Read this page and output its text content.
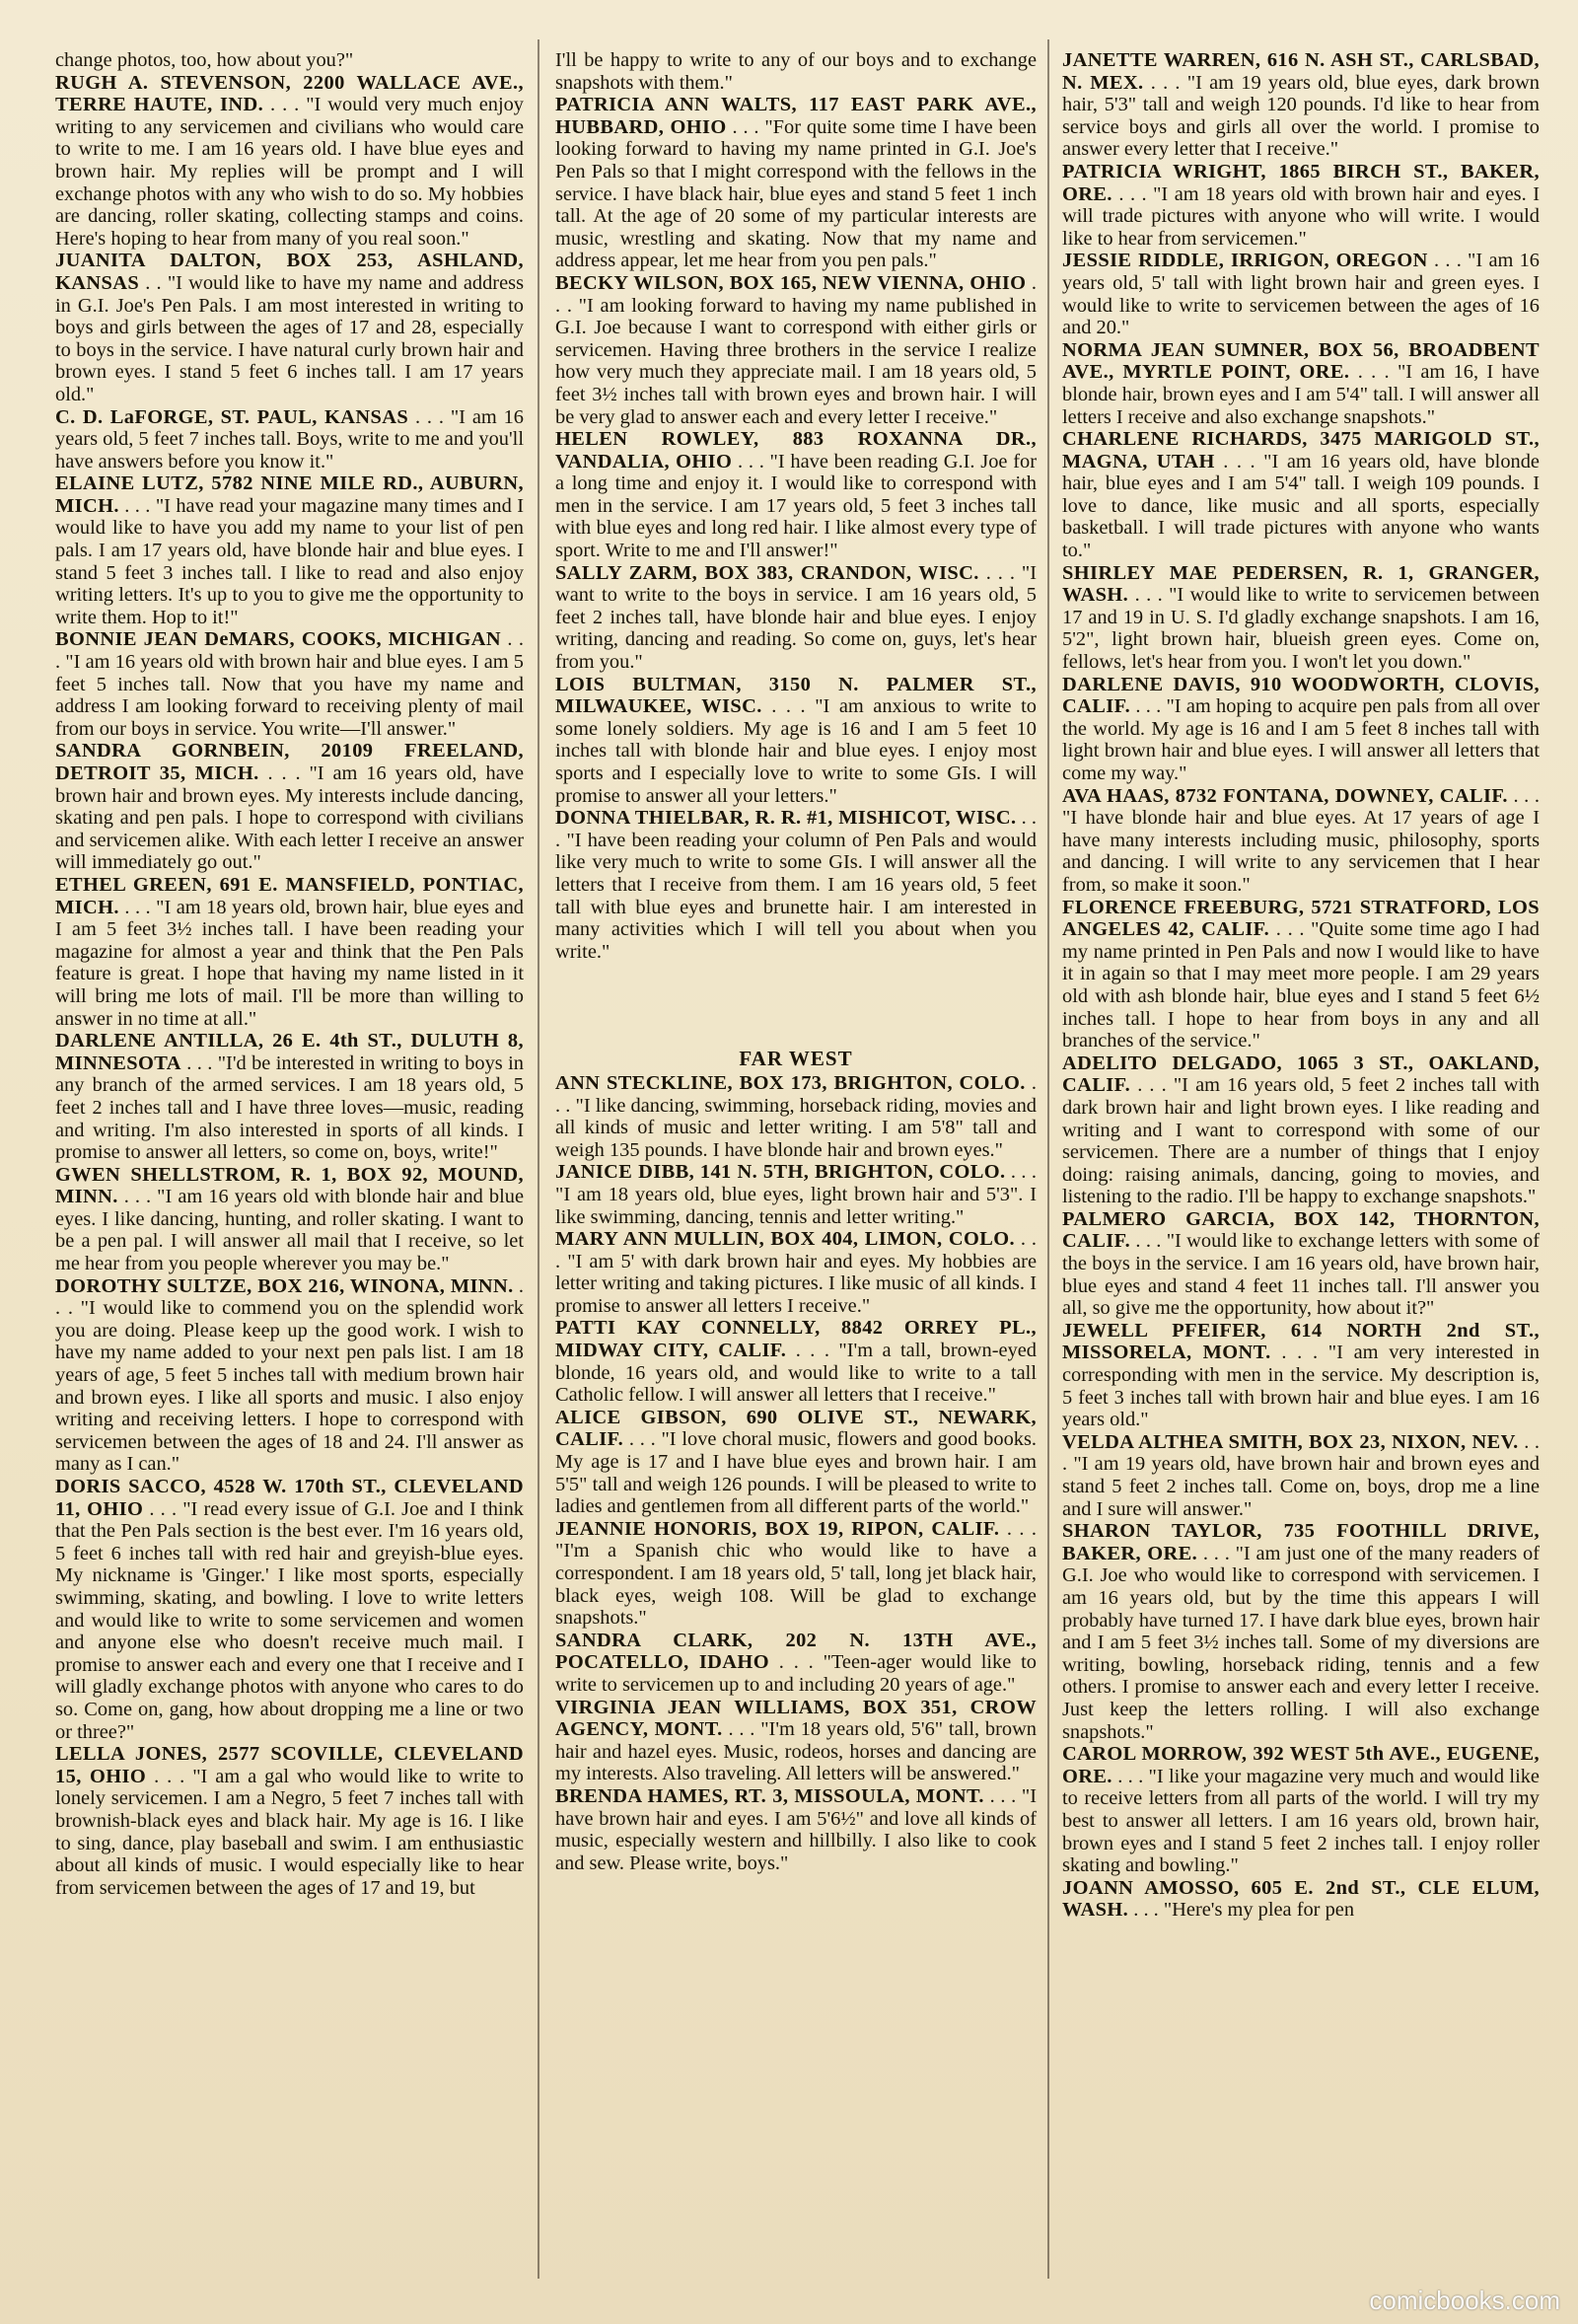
change photos, too, how about you?"

RUGH A. STEVENSON, 2200 WALLACE AVE., TERRE HAUTE, IND. . . . "I would very much enjoy writing to any servicemen and civilians who would care to write to me. I am 16 years old. I have blue eyes and brown hair. My replies will be prompt and I will exchange photos with any who wish to do so. My hobbies are dancing, roller skating, collecting stamps and coins. Here's hoping to hear from many of you real soon."

JUANITA DALTON, BOX 253, ASHLAND, KANSAS . . "I would like to have my name and address in G.I. Joe's Pen Pals. I am most interested in writing to boys and girls between the ages of 17 and 28, especially to boys in the service. I have natural curly brown hair and brown eyes. I stand 5 feet 6 inches tall. I am 17 years old."

C. D. LaFORGE, ST. PAUL, KANSAS . . . "I am 16 years old, 5 feet 7 inches tall. Boys, write to me and you'll have answers before you know it."

ELAINE LUTZ, 5782 NINE MILE RD., AUBURN, MICH. . . . "I have read your magazine many times and I would like to have you add my name to your list of pen pals. I am 17 years old, have blonde hair and blue eyes. I stand 5 feet 3 inches tall. I like to read and also enjoy writing letters. It's up to you to give me the opportunity to write them. Hop to it!"

BONNIE JEAN DeMARS, COOKS, MICHIGAN . . . "I am 16 years old with brown hair and blue eyes. I am 5 feet 5 inches tall. Now that you have my name and address I am looking forward to receiving plenty of mail from our boys in service. You write—I'll answer."

SANDRA GORNBEIN, 20109 FREELAND, DETROIT 35, MICH. . . . "I am 16 years old, have brown hair and brown eyes. My interests include dancing, skating and pen pals. I hope to correspond with civilians and servicemen alike. With each letter I receive an answer will immediately go out."

ETHEL GREEN, 691 E. MANSFIELD, PONTIAC, MICH. . . . "I am 18 years old, brown hair, blue eyes and I am 5 feet 3½ inches tall. I have been reading your magazine for almost a year and think that the Pen Pals feature is great. I hope that having my name listed in it will bring me lots of mail. I'll be more than willing to answer in no time at all."

DARLENE ANTILLA, 26 E. 4th ST., DULUTH 8, MINNESOTA . . . "I'd be interested in writing to boys in any branch of the armed services. I am 18 years old, 5 feet 2 inches tall and I have three loves—music, reading and writing. I'm also interested in sports of all kinds. I promise to answer all letters, so come on, boys, write!"

GWEN SHELLSTROM, R. 1, BOX 92, MOUND, MINN. . . . "I am 16 years old with blonde hair and blue eyes. I like dancing, hunting, and roller skating. I want to be a pen pal. I will answer all mail that I receive, so let me hear from you people wherever you may be."

DOROTHY SULTZE, BOX 216, WINONA, MINN. . . . "I would like to commend you on the splendid work you are doing. Please keep up the good work. I wish to have my name added to your next pen pals list. I am 18 years of age, 5 feet 5 inches tall with medium brown hair and brown eyes. I like all sports and music. I also enjoy writing and receiving letters. I hope to correspond with servicemen between the ages of 18 and 24. I'll answer as many as I can."

DORIS SACCO, 4528 W. 170th ST., CLEVELAND 11, OHIO . . . "I read every issue of G.I. Joe and I think that the Pen Pals section is the best ever. I'm 16 years old, 5 feet 6 inches tall with red hair and greyish-blue eyes. My nickname is 'Ginger.' I like most sports, especially swimming, skating, and bowling. I love to write letters and would like to write to some servicemen and women and anyone else who doesn't receive much mail. I promise to answer each and every one that I receive and I will gladly exchange photos with anyone who cares to do so. Come on, gang, how about dropping me a line or two or three?"

LELLA JONES, 2577 SCOVILLE, CLEVELAND 15, OHIO . . . "I am a gal who would like to write to lonely servicemen. I am a Negro, 5 feet 7 inches tall with brownish-black eyes and black hair. My age is 16. I like to sing, dance, play baseball and swim. I am enthusiastic about all kinds of music. I would especially like to hear from servicemen between the ages of 17 and 19, but

I'll be happy to write to any of our boys and to exchange snapshots with them."

PATRICIA ANN WALTS, 117 EAST PARK AVE., HUBBARD, OHIO . . . "For quite some time I have been looking forward to having my name printed in G.I. Joe's Pen Pals so that I might correspond with the fellows in the service. I have black hair, blue eyes and stand 5 feet 1 inch tall. At the age of 20 some of my particular interests are music, wrestling and skating. Now that my name and address appear, let me hear from you pen pals."

BECKY WILSON, BOX 165, NEW VIENNA, OHIO . . . "I am looking forward to having my name published in G.I. Joe because I want to correspond with either girls or servicemen. Having three brothers in the service I realize how very much they appreciate mail. I am 18 years old, 5 feet 3½ inches tall with brown eyes and brown hair. I will be very glad to answer each and every letter I receive."

HELEN ROWLEY, 883 ROXANNA DR., VANDALIA, OHIO . . . "I have been reading G.I. Joe for a long time and enjoy it. I would like to correspond with men in the service. I am 17 years old, 5 feet 3 inches tall with blue eyes and long red hair. I like almost every type of sport. Write to me and I'll answer!"

SALLY ZARM, BOX 383, CRANDON, WISC. . . . "I want to write to the boys in service. I am 16 years old, 5 feet 2 inches tall, have blonde hair and blue eyes. I enjoy writing, dancing and reading. So come on, guys, let's hear from you."

LOIS BULTMAN, 3150 N. PALMER ST., MILWAUKEE, WISC. . . . "I am anxious to write to some lonely soldiers. My age is 16 and I am 5 feet 10 inches tall with blonde hair and blue eyes. I enjoy most sports and I especially love to write to some GIs. I will promise to answer all your letters."

DONNA THIELBAR, R. R. #1, MISHICOT, WISC. . . . "I have been reading your column of Pen Pals and would like very much to write to some GIs. I will answer all the letters that I receive from them. I am 16 years old, 5 feet tall with blue eyes and brunette hair. I am interested in many activities which I will tell you about when you write."

FAR WEST

ANN STECKLINE, BOX 173, BRIGHTON, COLO. . . . "I like dancing, swimming, horseback riding, movies and all kinds of music and letter writing. I am 5'8" tall and weigh 135 pounds. I have blonde hair and brown eyes."

JANICE DIBB, 141 N. 5TH, BRIGHTON, COLO. . . . "I am 18 years old, blue eyes, light brown hair and 5'3". I like swimming, dancing, tennis and letter writing."

MARY ANN MULLIN, BOX 404, LIMON, COLO. . . . "I am 5' with dark brown hair and eyes. My hobbies are letter writing and taking pictures. I like music of all kinds. I promise to answer all letters I receive."

PATTI KAY CONNELLY, 8842 ORREY PL., MIDWAY CITY, CALIF. . . . "I'm a tall, brown-eyed blonde, 16 years old, and would like to write to a tall Catholic fellow. I will answer all letters that I receive."

ALICE GIBSON, 690 OLIVE ST., NEWARK, CALIF. . . . "I love choral music, flowers and good books. My age is 17 and I have blue eyes and brown hair. I am 5'5" tall and weigh 126 pounds. I will be pleased to write to ladies and gentlemen from all different parts of the world."

JEANNIE HONORIS, BOX 19, RIPON, CALIF. . . . "I'm a Spanish chic who would like to have a correspondent. I am 18 years old, 5' tall, long jet black hair, black eyes, weigh 108. Will be glad to exchange snapshots."

SANDRA CLARK, 202 N. 13TH AVE., POCATELLO, IDAHO . . . "Teen-ager would like to write to servicemen up to and including 20 years of age."

VIRGINIA JEAN WILLIAMS, BOX 351, CROW AGENCY, MONT. . . . "I'm 18 years old, 5'6" tall, brown hair and hazel eyes. Music, rodeos, horses and dancing are my interests. Also traveling. All letters will be answered."

BRENDA HAMES, RT. 3, MISSOULA, MONT. . . . "I have brown hair and eyes. I am 5'6½" and love all kinds of music, especially western and hillbilly. I also like to cook and sew. Please write, boys."

JANETTE WARREN, 616 N. ASH ST., CARLSBAD, N. MEX. . . . "I am 19 years old, blue eyes, dark brown hair, 5'3" tall and weigh 120 pounds. I'd like to hear from service boys and girls all over the world. I promise to answer every letter that I receive."

PATRICIA WRIGHT, 1865 BIRCH ST., BAKER, ORE. . . . "I am 18 years old with brown hair and eyes. I will trade pictures with anyone who will write. I would like to hear from servicemen."

JESSIE RIDDLE, IRRIGON, OREGON . . . "I am 16 years old, 5' tall with light brown hair and green eyes. I would like to write to servicemen between the ages of 16 and 20."

NORMA JEAN SUMNER, BOX 56, BROADBENT AVE., MYRTLE POINT, ORE. . . . "I am 16, I have blonde hair, brown eyes and I am 5'4" tall. I will answer all letters I receive and also exchange snapshots."

CHARLENE RICHARDS, 3475 MARIGOLD ST., MAGNA, UTAH . . . "I am 16 years old, have blonde hair, blue eyes and I am 5'4" tall. I weigh 109 pounds. I love to dance, like music and all sports, especially basketball. I will trade pictures with anyone who wants to."

SHIRLEY MAE PEDERSEN, R. 1, GRANGER, WASH. . . . "I would like to write to servicemen between 17 and 19 in U. S. I'd gladly exchange snapshots. I am 16, 5'2", light brown hair, blueish green eyes. Come on, fellows, let's hear from you. I won't let you down."

DARLENE DAVIS, 910 WOODWORTH, CLOVIS, CALIF. . . . "I am hoping to acquire pen pals from all over the world. My age is 16 and I am 5 feet 8 inches tall with light brown hair and blue eyes. I will answer all letters that come my way."

AVA HAAS, 8732 FONTANA, DOWNEY, CALIF. . . . "I have blonde hair and blue eyes. At 17 years of age I have many interests including music, philosophy, sports and dancing. I will write to any servicemen that I hear from, so make it soon."

FLORENCE FREEBURG, 5721 STRATFORD, LOS ANGELES 42, CALIF. . . . "Quite some time ago I had my name printed in Pen Pals and now I would like to have it in again so that I may meet more people. I am 29 years old with ash blonde hair, blue eyes and I stand 5 feet 6½ inches tall. I hope to hear from boys in any and all branches of the service."

ADELITO DELGADO, 1065 3 ST., OAKLAND, CALIF. . . . "I am 16 years old, 5 feet 2 inches tall with dark brown hair and light brown eyes. I like reading and writing and I want to correspond with some of our servicemen. There are a number of things that I enjoy doing: raising animals, dancing, going to movies, and listening to the radio. I'll be happy to exchange snapshots."

PALMERO GARCIA, BOX 142, THORNTON, CALIF. . . . "I would like to exchange letters with some of the boys in the service. I am 16 years old, have brown hair, blue eyes and stand 4 feet 11 inches tall. I'll answer you all, so give me the opportunity, how about it?"

JEWELL PFEIFER, 614 NORTH 2nd ST., MISSORELA, MONT. . . . "I am very interested in corresponding with men in the service. My description is, 5 feet 3 inches tall with brown hair and blue eyes. I am 16 years old."

VELDA ALTHEA SMITH, BOX 23, NIXON, NEV. . . . "I am 19 years old, have brown hair and brown eyes and stand 5 feet 2 inches tall. Come on, boys, drop me a line and I sure will answer."

SHARON TAYLOR, 735 FOOTHILL DRIVE, BAKER, ORE. . . . "I am just one of the many readers of G.I. Joe who would like to correspond with servicemen. I am 16 years old, but by the time this appears I will probably have turned 17. I have dark blue eyes, brown hair and I am 5 feet 3½ inches tall. Some of my diversions are writing, bowling, horseback riding, tennis and a few others. I promise to answer each and every letter I receive. Just keep the letters rolling. I will also exchange snapshots."

CAROL MORROW, 392 WEST 5th AVE., EUGENE, ORE. . . . "I like your magazine very much and would like to receive letters from all parts of the world. I will try my best to answer all letters. I am 16 years old, brown hair, brown eyes and I stand 5 feet 2 inches tall. I enjoy roller skating and bowling."

JOANN AMOSSO, 605 E. 2nd ST., CLE ELUM, WASH. . . . "Here's my plea for pen

comicbooks.com
